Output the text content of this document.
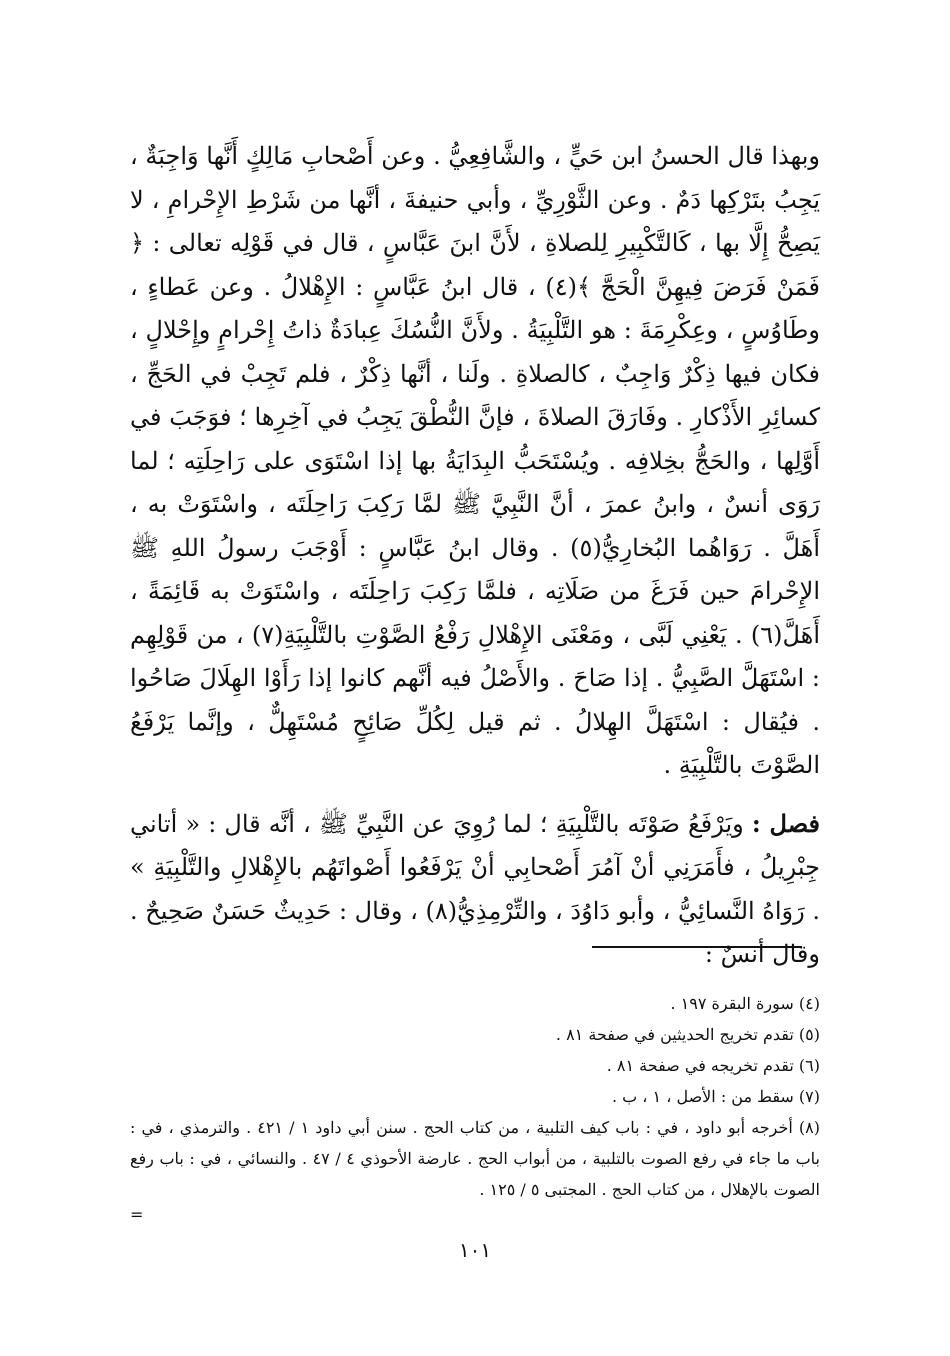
وبهذا قال الحسنُ ابن حَيٍّ ، والشَّافِعِيُّ . وعن أَصْحابِ مَالِكٍ أَنَّها وَاجِبَةٌ ، يَجِبُ بتَرْكِها دَمٌ . وعن الثَّوْرِيِّ ، وأبي حنيفةَ ، أنَّها من شَرْطِ الإِحْرامِ ، لا يَصِحُّ إِلَّا بها ، كَالتَّكْبِيرِ لِلصلاةِ ، لأَنَّ ابنَ عَبَّاسٍ ، قال في قَوْلِه تعالى : ﴿ فَمَنْ فَرَضَ فِيهِنَّ الْحَجَّ ﴾(٤) ، قال ابنُ عَبَّاسٍ : الإِهْلالُ . وعن عَطاءٍ ، وطَاوُسٍ ، وعِكْرِمَةَ : هو التَّلْبِيَةُ . ولأَنَّ النُّسُكَ عِبادَةٌ ذاتُ إِحْرامٍ وإِحْلالٍ ، فكان فيها ذِكْرٌ وَاجِبٌ ، كالصلاةِ . ولَنا ، أنَّها ذِكْرٌ ، فلم تَجِبْ في الحَجِّ ، كسائِرِ الأَذْكارِ . وفَارَقَ الصلاةَ ، فإنَّ النُّطْقَ يَجِبُ في آخِرِها ؛ فوَجَبَ في أَوَّلِها ، والحَجُّ بخِلافِه . ويُسْتَحَبُّ البِدَايَةُ بها إذا اسْتَوَى على رَاحِلَتِه ؛ لما رَوَى أنسٌ ، وابنُ عمرَ ، أنَّ النَّبِيَّ ﷺ لمَّا رَكِبَ رَاحِلَتَه ، واسْتَوَتْ به ، أَهَلَّ . رَوَاهُما البُخارِيُّ(٥) . وقال ابنُ عَبَّاسٍ : أَوْجَبَ رسولُ اللهِ ﷺ الإِحْرامَ حين فَرَغَ من صَلَاتِه ، فلمَّا رَكِبَ رَاحِلَتَه ، واسْتَوَتْ به قَائِمَةً ، أَهَلَّ(٦) . يَعْنِي لَبَّى ، ومَعْنَى الإِهْلالِ رَفْعُ الصَّوْتِ بالتَّلْبِيَةِ(٧) ، من قَوْلِهِم : اسْتَهَلَّ الصَّبِيُّ . إذا صَاحَ . والأَصْلُ فيه أنَّهم كانوا إذا رَأَوْا الهِلَالَ صَاحُوا . فيُقال : اسْتَهَلَّ الهِلالُ . ثم قيل لِكُلِّ صَائِحٍ مُسْتَهِلٌّ ، وإنَّما يَرْفَعُ الصَّوْتَ بالتَّلْبِيَةِ .

فصل : ويَرْفَعُ صَوْتَه بالتَّلْبِيَةِ ؛ لما رُوِيَ عن النَّبِيِّ ﷺ ، أنَّه قال : « أتاني جِبْرِيلُ ، فأَمَرَنِي أنْ آمُرَ أَصْحابِي أنْ يَرْفَعُوا أَصْواتَهُم بالإِهْلالِ والتَّلْبِيَةِ » . رَوَاهُ النَّسائِيُّ ، وأبو دَاوُدَ ، والتِّرْمِذِيُّ(٨) ، وقال : حَدِيثٌ حَسَنٌ صَحِيحٌ . وقال أنسٌ :

(٤) سورة البقرة ١٩٧ .

(٥) تقدم تخريج الحديثين في صفحة ٨١ .

(٦) تقدم تخريجه في صفحة ٨١ .

(٧) سقط من : الأصل ، ١ ، ب .

(٨) أخرجه أبو داود ، في : باب كيف التلبية ، من كتاب الحج . سنن أبي داود ١ / ٤٢١ . والترمذي ، في : باب ما جاء في رفع الصوت بالتلبية ، من أبواب الحج . عارضة الأحوذي ٤ / ٤٧ . والنسائي ، في : باب رفع الصوت بالإهلال ، من كتاب الحج . المجتبى ٥ / ١٢٥ .

=
١٠١
